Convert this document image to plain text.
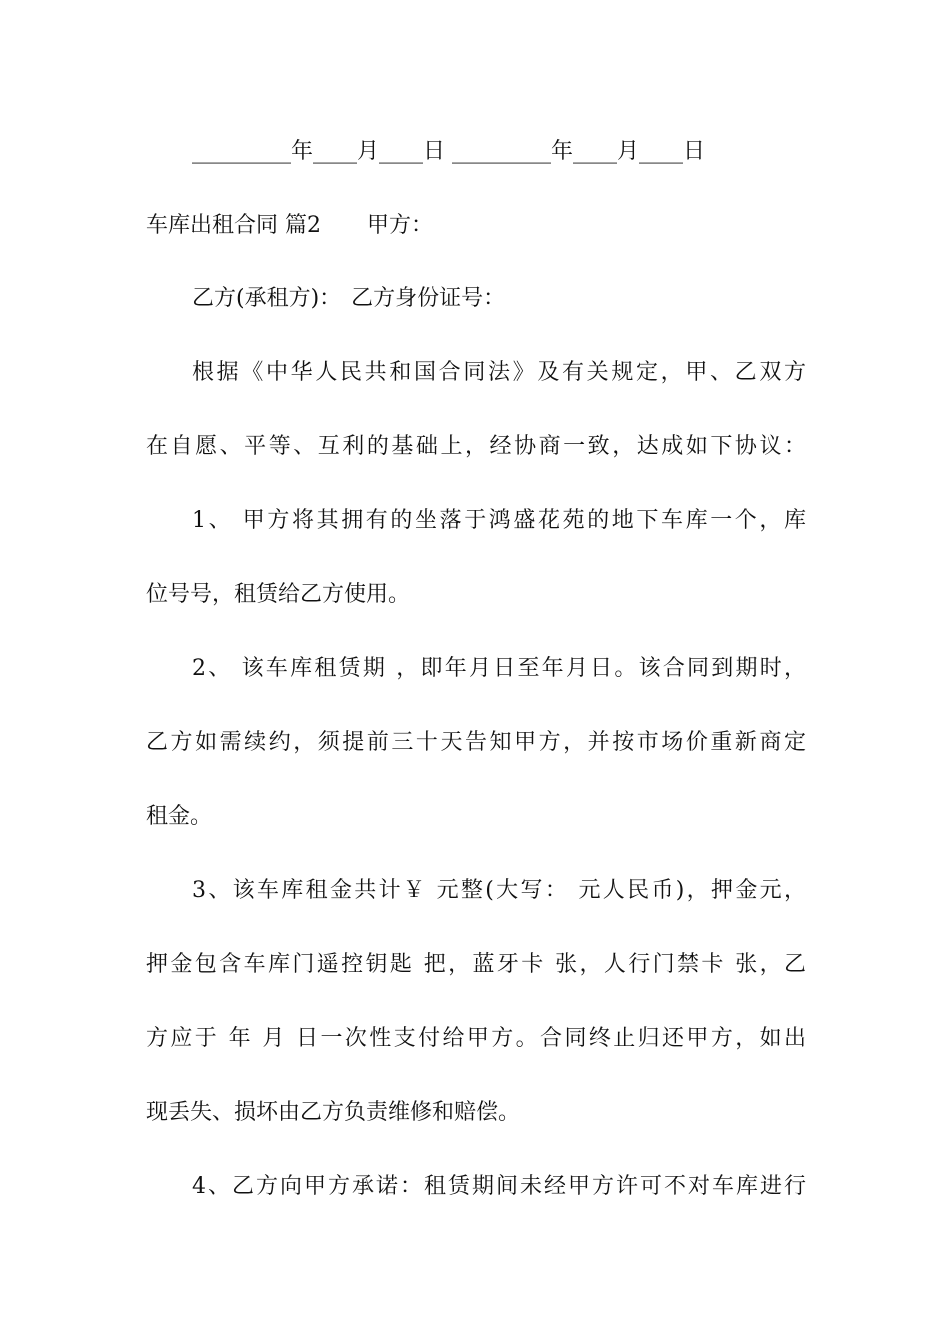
_________年____月____日 _________年____月____日
车库出租合同 篇2 甲方：
乙方(承租方)： 乙方身份证号：
根据《中华人民共和国合同法》及有关规定，甲、乙双方
在自愿、平等、互利的基础上，经协商一致，达成如下协议：
1、 甲方将其拥有的坐落于鸿盛花苑的地下车库一个，库
位号号，租赁给乙方使用。
2、 该车库租赁期 ，即年月日至年月日。该合同到期时，
乙方如需续约，须提前三十天告知甲方，并按市场价重新商定
租金。
3、该车库租金共计￥ 元整(大写： 元人民币)，押金元，
押金包含车库门遥控钥匙 把，蓝牙卡 张，人行门禁卡 张，乙
方应于 年 月 日一次性支付给甲方。合同终止归还甲方，如出
现丢失、损坏由乙方负责维修和赔偿。
4、乙方向甲方承诺：租赁期间未经甲方许可不对车库进行
